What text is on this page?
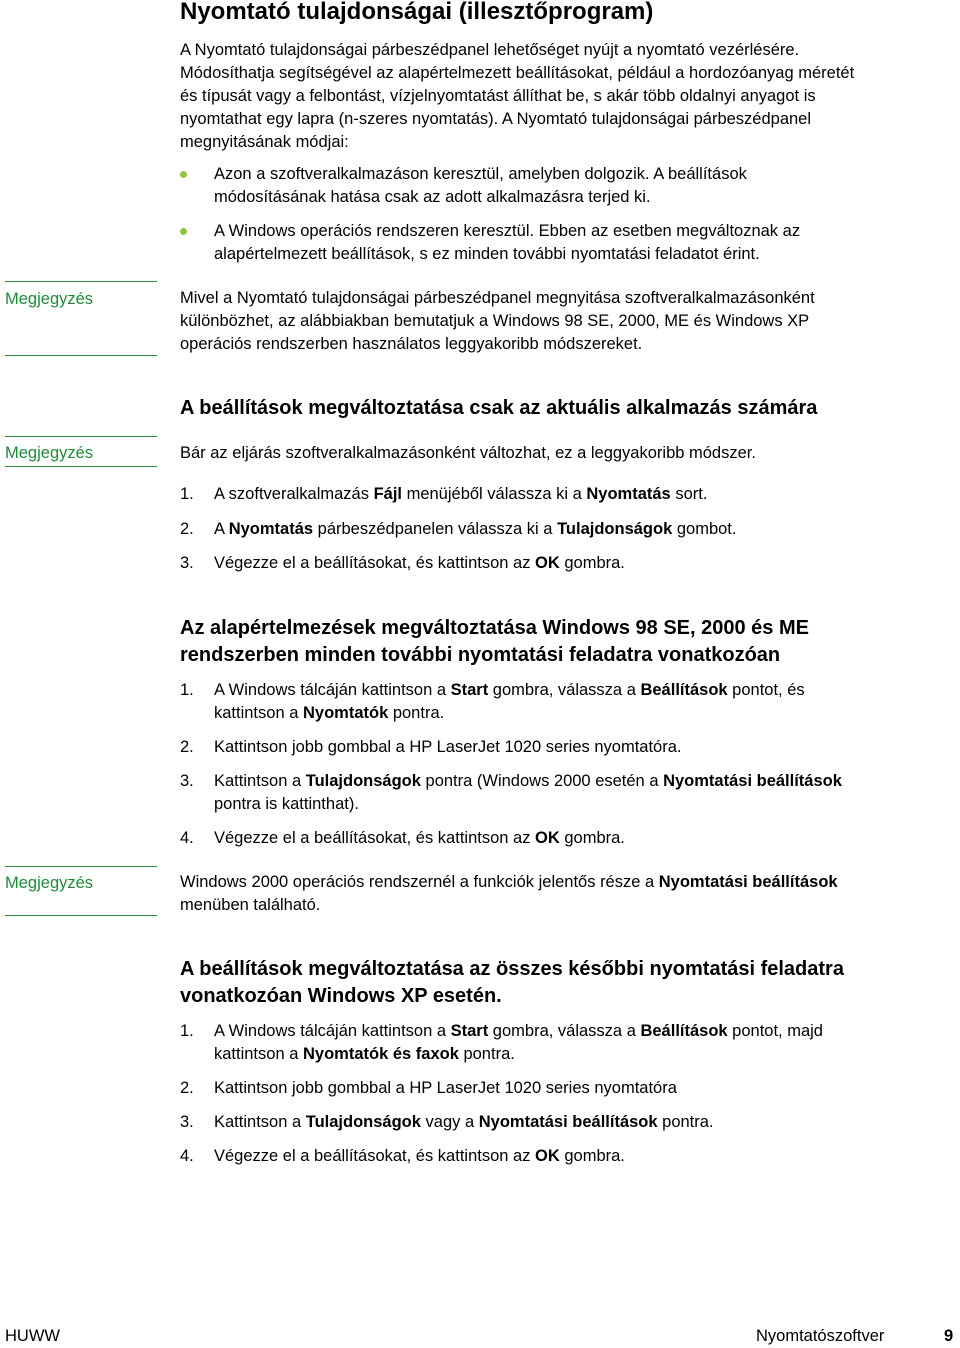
Nyomtató tulajdonságai (illesztőprogram)

A Nyomtató tulajdonságai párbeszédpanel lehetőséget nyújt a nyomtató vezérlésére.

Módosíthatja segítségével az alapértelmezett beállításokat, például a hordozóanyag méretét

és típusát vagy a felbontást, vízjelnyomtatást állíthat be, s akár több oldalnyi anyagot is

nyomtathat egy lapra (n-szeres nyomtatás). A Nyomtató tulajdonságai párbeszédpanel

megnyitásának módjai:

Azon a szoftveralkalmazáson keresztül, amelyben dolgozik. A beállítások

módosításának hatása csak az adott alkalmazásra terjed ki.

A Windows operációs rendszeren keresztül. Ebben az esetben megváltoznak az

alapértelmezett beállítások, s ez minden további nyomtatási feladatot érint.

Megjegyzés	Mivel a Nyomtató tulajdonságai párbeszédpanel megnyitása szoftveralkalmazásonként

különbözhet, az alábbiakban bemutatjuk a Windows 98 SE, 2000, ME és Windows XP

operációs rendszerben használatos leggyakoribb módszereket.

A beállítások megváltoztatása csak az aktuális alkalmazás számára
Megjegyzés	Bár az eljárás szoftveralkalmazásonként változhat, ez a leggyakoribb módszer.
1. A szoftveralkalmazás Fájl menüjéből válassza ki a Nyomtatás sort.
2. A Nyomtatás párbeszédpanelen válassza ki a Tulajdonságok gombot.
3. Végezze el a beállításokat, és kattintson az OK gombra.
Az alapértelmezések megváltoztatása Windows 98 SE, 2000 és ME
rendszerben minden további nyomtatási feladatra vonatkozóan
1. A Windows tálcáján kattintson a Start gombra, válassza a Beállítások pontot, és
kattintson a Nyomtatók pontra.
2. Kattintson jobb gombbal a HP LaserJet 1020 series nyomtatóra.
3. Kattintson a Tulajdonságok pontra (Windows 2000 esetén a Nyomtatási beállítások
pontra is kattinthat).
4. Végezze el a beállításokat, és kattintson az OK gombra.
Megjegyzés	Windows 2000 operációs rendszernél a funkciók jelentős része a Nyomtatási beállítások
menüben található.
A beállítások megváltoztatása az összes későbbi nyomtatási feladatra
vonatkozóan Windows XP esetén.
1. A Windows tálcáján kattintson a Start gombra, válassza a Beállítások pontot, majd
kattintson a Nyomtatók és faxok pontra.
2. Kattintson jobb gombbal a HP LaserJet 1020 series nyomtatóra
3. Kattintson a Tulajdonságok vagy a Nyomtatási beállítások pontra.
4. Végezze el a beállításokat, és kattintson az OK gombra.
HUWW	Nyomtatószoftver	9
